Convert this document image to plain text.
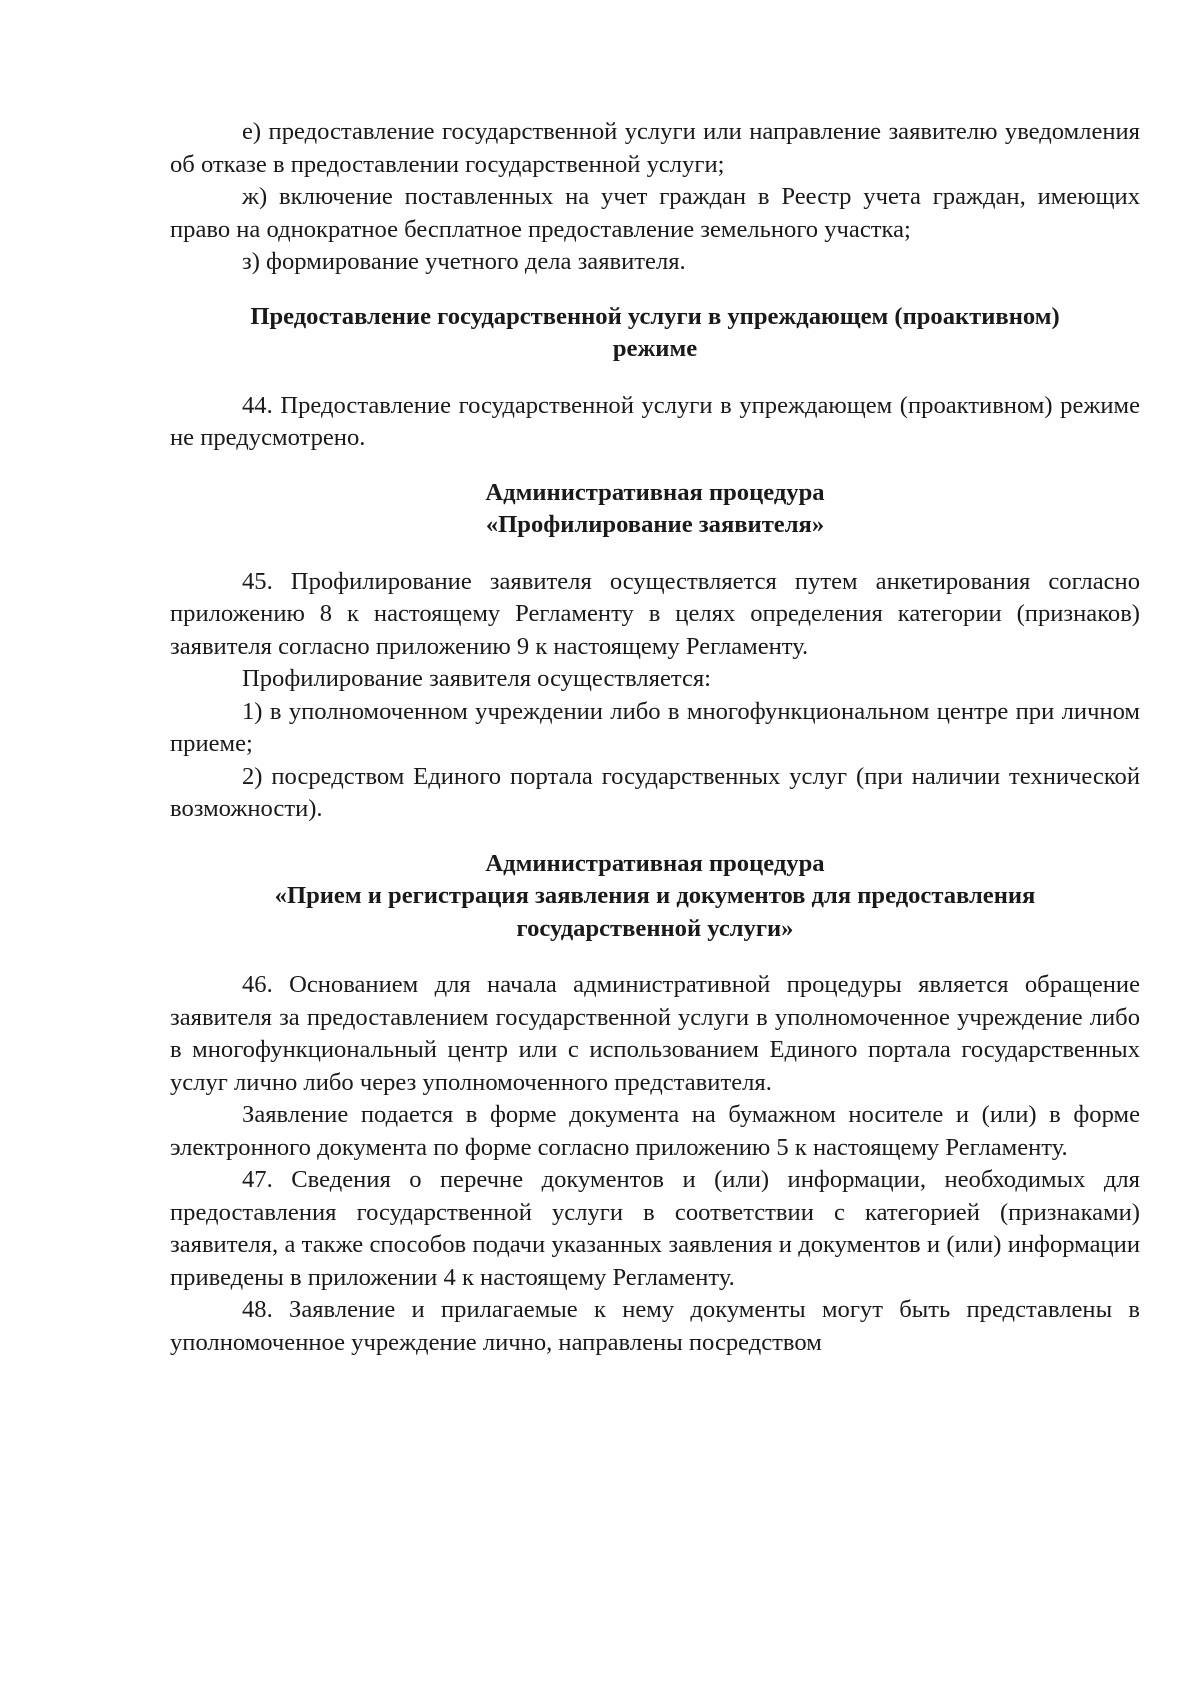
е) предоставление государственной услуги или направление заявителю уведомления об отказе в предоставлении государственной услуги;

ж) включение поставленных на учет граждан в Реестр учета граждан, имеющих право на однократное бесплатное предоставление земельного участка;

з) формирование учетного дела заявителя.

Предоставление государственной услуги в упреждающем (проактивном)

режиме

44. Предоставление государственной услуги в упреждающем (проактивном) режиме не предусмотрено.

Административная процедура

«Профилирование заявителя»

45. Профилирование заявителя осуществляется путем анкетирования согласно приложению 8 к настоящему Регламенту в целях определения категории (признаков) заявителя согласно приложению 9 к настоящему Регламенту.

Профилирование заявителя осуществляется:

1) в уполномоченном учреждении либо в многофункциональном центре при личном приеме;

2) посредством Единого портала государственных услуг (при наличии технической возможности).

Административная процедура

«Прием и регистрация заявления и документов для предоставления

государственной услуги»

46. Основанием для начала административной процедуры является обращение заявителя за предоставлением государственной услуги в уполномоченное учреждение либо в многофункциональный центр или с использованием Единого портала государственных услуг лично либо через уполномоченного представителя.

Заявление подается в форме документа на бумажном носителе и (или) в форме электронного документа по форме согласно приложению 5 к настоящему Регламенту.

47. Сведения о перечне документов и (или) информации, необходимых для предоставления государственной услуги в соответствии с категорией (признаками) заявителя, а также способов подачи указанных заявления и документов и (или) информации приведены в приложении 4 к настоящему Регламенту.

48. Заявление и прилагаемые к нему документы могут быть представлены в уполномоченное учреждение лично, направлены посредством
